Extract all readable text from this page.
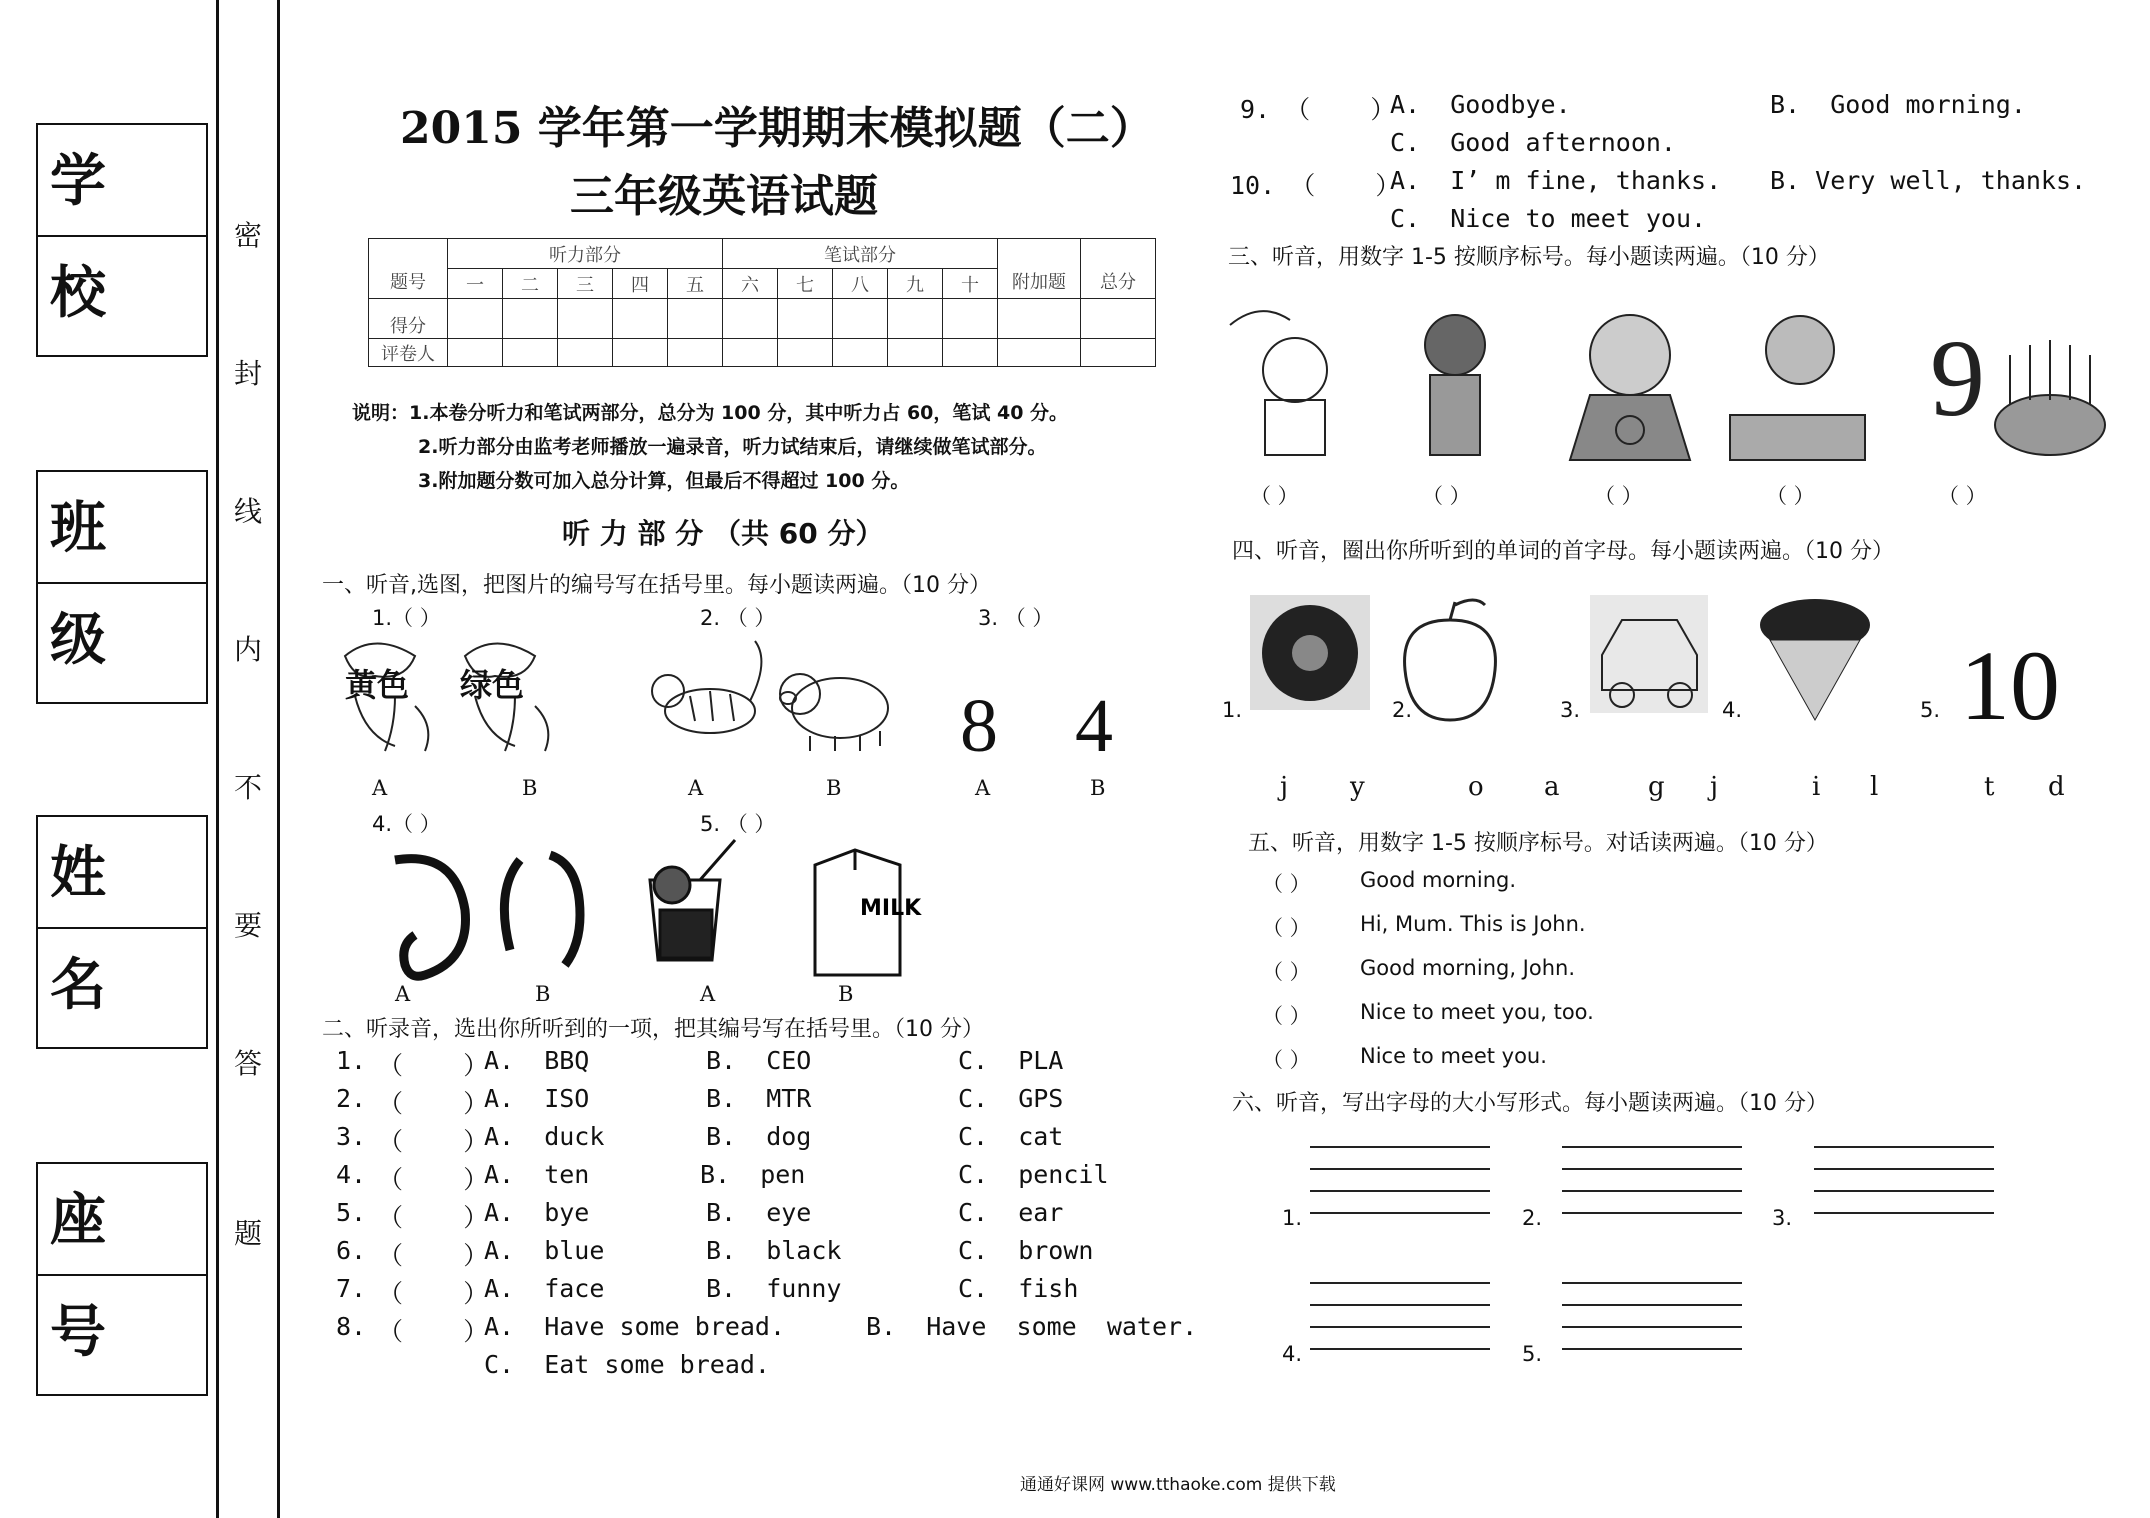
学 校
班 级
姓 名
座 号
密
封
线
内
不
要
答
题
2015 学年第一学期期末模拟题（二）
三年级英语试题
题号	听力部分					笔试部分					附加题	总分
	一	二	三	四	五	六	七	八	九	十		
得分												
评卷人												
说明：1.本卷分听力和笔试两部分，总分为 100 分，其中听力占 60，笔试 40 分。
2.听力部分由监考老师播放一遍录音，听力试结束后，请继续做笔试部分。
3.附加题分数可加入总分计算，但最后不得超过 100 分。
听 力 部 分 （共 60 分）
一、听音,选图，把图片的编号写在括号里。每小题读两遍。（10 分）
1.（ ）	2. （ ）	3. （ ）
黄色 绿色	8 4
A	B	A	B	A	B
4.（ ）	5. （ ）
MILK
A	B	A	B
二、听录音，选出你所听到的一项，把其编号写在括号里。（10 分）
1. （    ）
A.  BBQ	B.  CEO	C.  PLA
2. （    ）
A.  ISO	B.  MTR	C.  GPS
3. （    ）
A.  duck	B.  dog	C.  cat
4. （    ）
A.  ten	B.  pen	C.  pencil
5. （    ）
A.  bye	B.  eye	C.  ear
6. （    ）
A.  blue	B.  black	C.  brown
7. （    ）
A.  face	B.  funny	C.  fish
8. （    ）
A.  Have some bread.	B.  Have  some  water.
C.  Eat some bread.
9. （    ）
A.  Goodbye.	B.  Good morning.
C.  Good afternoon.
10. （    ）
A.  I’ m fine, thanks. B. Very well, thanks.
C.  Nice to meet you.
三、听音，用数字 1-5 按顺序标号。每小题读两遍。（10 分）
9
（ ）	（ ）	（ ）	（ ）	（ ）
四、听音，圈出你所听到的单词的首字母。每小题读两遍。（10 分）
1.	2.	3.	4.	5. 10
j y	o a	g j	i l	t d
五、听音，用数字 1-5 按顺序标号。对话读两遍。（10 分）
（ ） Good morning.
（ ） Hi, Mum. This is John.
（ ） Good morning, John.
（ ） Nice to meet you, too.
（ ） Nice to meet you.
六、听音，写出字母的大小写形式。每小题读两遍。（10 分）
1.	2.	3.
4.	5.
通通好课网 www.tthaoke.com 提供下载
